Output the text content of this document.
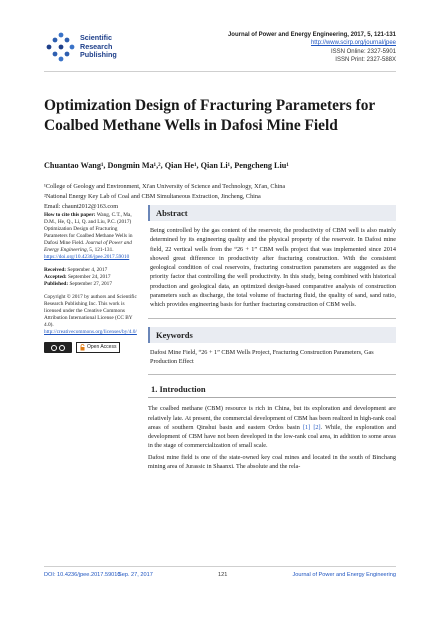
Scientific
Research
Publishing
Journal of Power and Energy Engineering, 2017, 5, 121-131
http://www.scirp.org/journal/jpee
ISSN Online: 2327-5901
ISSN Print: 2327-588X
Optimization Design of Fracturing Parameters for Coalbed Methane Wells in Dafosi Mine Field
Chuantao Wang¹, Dongmin Ma¹,², Qian He¹, Qian Li¹, Pengcheng Liu¹
¹College of Geology and Environment, Xi'an University of Science and Technology, Xi'an, China
²National Energy Key Lab of Coal and CBM Simultaneous Extraction, Jincheng, China
Email: chaunt2012@163.com
How to cite this paper: Wang, C.T., Ma, D.M., He, Q., Li, Q. and Liu, P.C. (2017) Optimization Design of Fracturing Parameters for Coalbed Methane Wells in Dafosi Mine Field. Journal of Power and Energy Engineering, 5, 121-131. https://doi.org/10.4236/jpee.2017.59010
Received: September 4, 2017
Accepted: September 24, 2017
Published: September 27, 2017
Copyright © 2017 by authors and Scientific Research Publishing Inc. This work is licensed under the Creative Commons Attribution International License (CC BY 4.0). http://creativecommons.org/licenses/by/4.0/
Open Access
Abstract

Being controlled by the gas content of the reservoir, the productivity of CBM well is also mainly determined by its engineering quality and the physical property of the reservoir. In Dafosi mine field, 22 vertical wells from the “26 + 1” CBM wells project that was implemented since 2014 showed great difference in productivity after fracturing construction. With the consistent geological condition of coal reservoirs, fracturing construction parameters are suggested as the priority factor that controlling the well productivity. In this study, being combined with historical production and geological data, an optimized design-based comparative analysis of construction parameters such as discharge, the total volume of fracturing fluid, the quality of sand, sand ratio, which provides engineering basis for further fracturing construction of CBM wells.

Keywords

Dafosi Mine Field, “26 + 1” CBM Wells Project, Fracturing Construction Parameters, Gas Production Effect

1. Introduction

The coalbed methane (CBM) resource is rich in China, but its exploration and development are relatively late. At present, the commercial development of CBM has been realized in high-rank coal areas of southern Qinshui basin and eastern Ordos basin [1] [2]. While, the exploration and development of CBM have not been developed in the low-rank coal area, in addition to some areas in the stage of commercialization of small scale.

Dafosi mine field is one of the state-owned key coal mines and located in the south of Binchang mining area of Jurassic in Shaanxi. The absolute and the rela-

DOI: 10.4236/jpee.2017.59010
Sep. 27, 2017	121	Journal of Power and Energy Engineering
